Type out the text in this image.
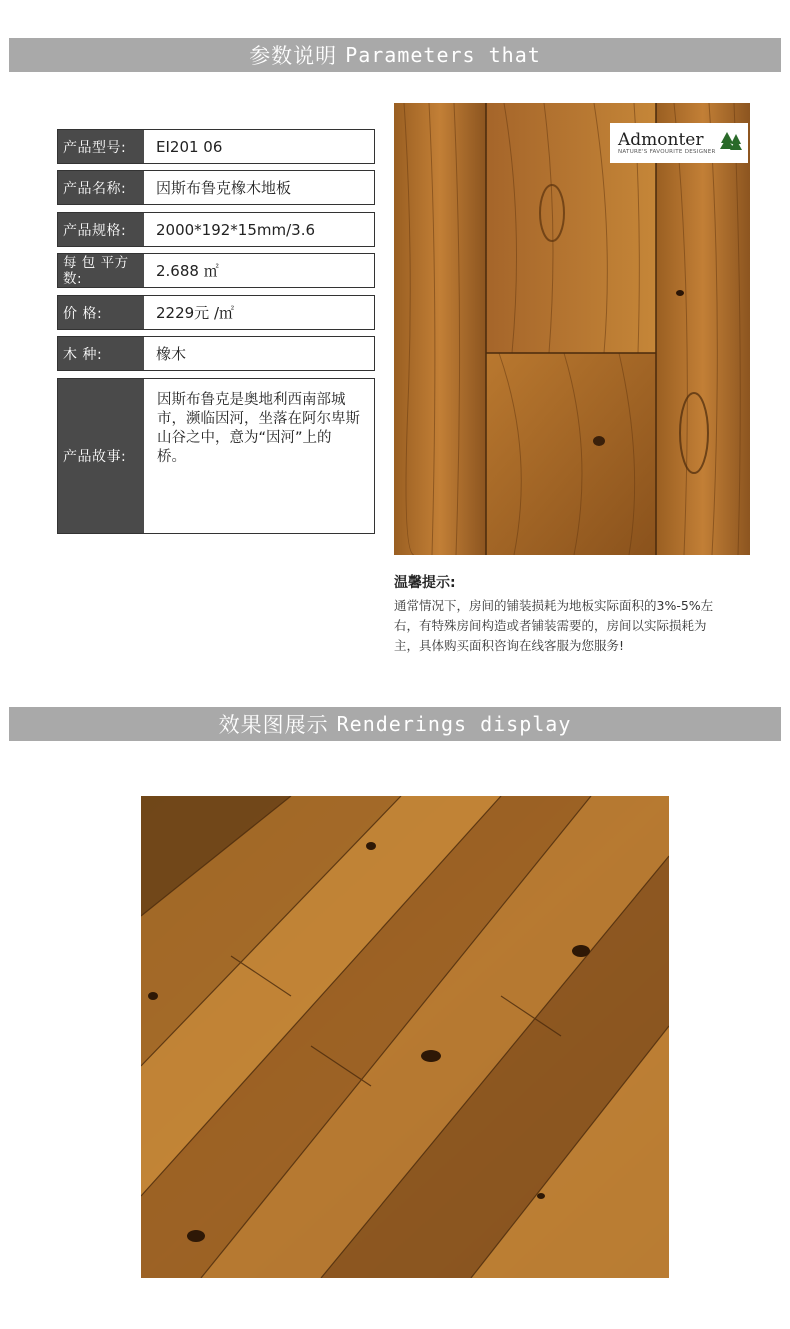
参数说明 Parameters that
产品型号:	EI201 06
产品名称:	因斯布鲁克橡木地板
产品规格:	2000*192*15mm/3.6
每 包 平方数:	2.688 ㎡
价 格:	2229元 /㎡
木 种:	橡木
产品故事:
因斯布鲁克是奥地利西南部城市，濒临因河，坐落在阿尔卑斯山谷之中，意为“因河”上的桥。
Admonter
NATURE'S FAVOURITE DESIGNER
温馨提示:
通常情况下，房间的铺装损耗为地板实际面积的3%-5%左右，有特殊房间构造或者铺装需要的，房间以实际损耗为主，具体购买面积咨询在线客服为您服务!
效果图展示 Renderings display
